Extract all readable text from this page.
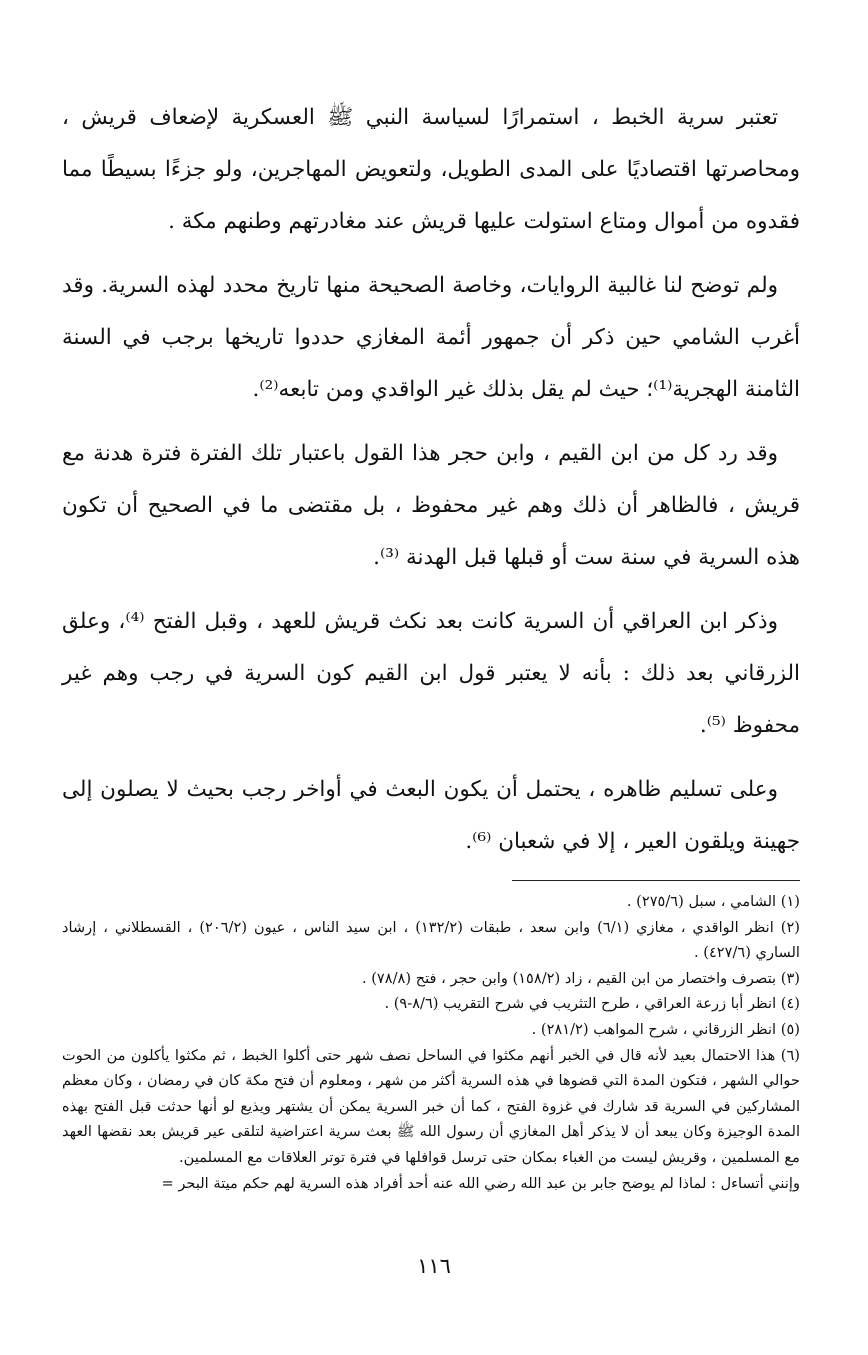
تعتبر سرية الخبط ، استمرارًا لسياسة النبي ﷺ العسكرية لإضعاف قريش ، ومحاصرتها اقتصاديًا على المدى الطويل، ولتعويض المهاجرين، ولو جزءًا بسيطًا مما فقدوه من أموال ومتاع استولت عليها قريش عند مغادرتهم وطنهم مكة .

ولم توضح لنا غالبية الروايات، وخاصة الصحيحة منها تاريخ محدد لهذه السرية. وقد أغرب الشامي حين ذكر أن جمهور أئمة المغازي حددوا تاريخها برجب في السنة الثامنة الهجرية⁽¹⁾؛ حيث لم يقل بذلك غير الواقدي ومن تابعه⁽²⁾.

وقد رد كل من ابن القيم ، وابن حجر هذا القول باعتبار تلك الفترة فترة هدنة مع قريش ، فالظاهر أن ذلك وهم غير محفوظ ، بل مقتضى ما في الصحيح أن تكون هذه السرية في سنة ست أو قبلها قبل الهدنة ⁽³⁾.

وذكر ابن العراقي أن السرية كانت بعد نكث قريش للعهد ، وقبل الفتح ⁽⁴⁾، وعلق الزرقاني بعد ذلك : بأنه لا يعتبر قول ابن القيم كون السرية في رجب وهم غير محفوظ ⁽⁵⁾.

وعلى تسليم ظاهره ، يحتمل أن يكون البعث في أواخر رجب بحيث لا يصلون إلى جهينة ويلقون العير ، إلا في شعبان ⁽⁶⁾.

(١) الشامي ، سبل (٢٧٥/٦) .

(٢) انظر الواقدي ، مغازي (٦/١) وابن سعد ، طبقات (١٣٢/٢) ، ابن سيد الناس ، عيون (٢٠٦/٢) ، القسطلاني ، إرشاد الساري (٤٢٧/٦) .

(٣) بتصرف واختصار من ابن القيم ، زاد (١٥٨/٢) وابن حجر ، فتح (٧٨/٨) .

(٤) انظر أبا زرعة العراقي ، طرح التثريب في شرح التقريب (٨/٦-٩) .

(٥) انظر الزرقاني ، شرح المواهب (٢٨١/٢) .

(٦) هذا الاحتمال بعيد لأنه قال في الخبر أنهم مكثوا في الساحل نصف شهر حتى أكلوا الخبط ، ثم مكثوا يأكلون من الحوت حوالي الشهر ، فتكون المدة التي قضوها في هذه السرية أكثر من شهر ، ومعلوم أن فتح مكة كان في رمضان ، وكان معظم المشاركين في السرية قد شارك في غزوة الفتح ، كما أن خبر السرية يمكن أن يشتهر ويذيع لو أنها حدثت قبل الفتح بهذه المدة الوجيزة وكان يبعد أن لا يذكر أهل المغازي أن رسول الله ﷺ بعث سرية اعتراضية لتلقى عير قريش بعد نقضها العهد مع المسلمين ، وقريش ليست من الغباء بمكان حتى ترسل قوافلها في فترة توتر العلاقات مع المسلمين.

وإنني أتساءل : لماذا لم يوضح جابر بن عبد الله رضي الله عنه أحد أفراد هذه السرية لهم حكم ميتة البحر =

١١٦
